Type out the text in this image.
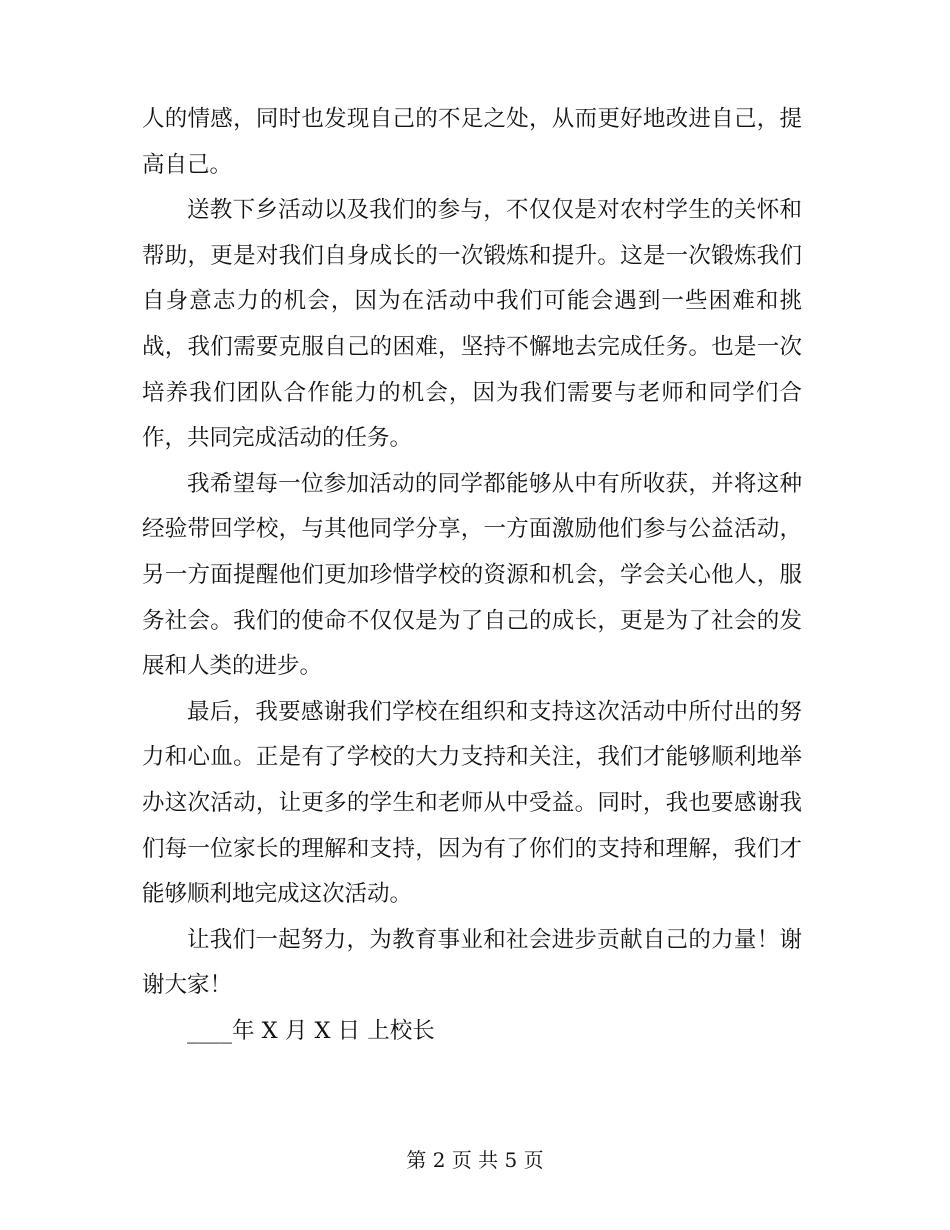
人的情感，同时也发现自己的不足之处，从而更好地改进自己，提高自己。

送教下乡活动以及我们的参与，不仅仅是对农村学生的关怀和帮助，更是对我们自身成长的一次锻炼和提升。这是一次锻炼我们自身意志力的机会，因为在活动中我们可能会遇到一些困难和挑战，我们需要克服自己的困难，坚持不懈地去完成任务。也是一次培养我们团队合作能力的机会，因为我们需要与老师和同学们合作，共同完成活动的任务。

我希望每一位参加活动的同学都能够从中有所收获，并将这种经验带回学校，与其他同学分享，一方面激励他们参与公益活动，另一方面提醒他们更加珍惜学校的资源和机会，学会关心他人，服务社会。我们的使命不仅仅是为了自己的成长，更是为了社会的发展和人类的进步。

最后，我要感谢我们学校在组织和支持这次活动中所付出的努力和心血。正是有了学校的大力支持和关注，我们才能够顺利地举办这次活动，让更多的学生和老师从中受益。同时，我也要感谢我们每一位家长的理解和支持，因为有了你们的支持和理解，我们才能够顺利地完成这次活动。

让我们一起努力，为教育事业和社会进步贡献自己的力量！谢谢大家！

____年 X 月 X 日 上校长

第 2 页 共 5 页
